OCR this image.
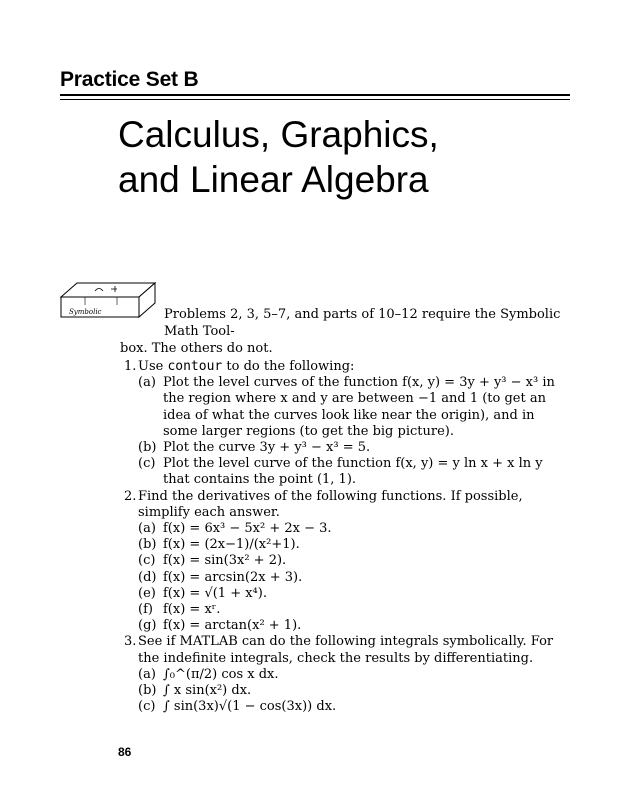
Practice Set B
Calculus, Graphics,
and Linear Algebra
Symbolic	Problems 2, 3, 5–7, and parts of 10–12 require the Symbolic Math Tool-
box. The others do not.
1. Use contour to do the following:
(a) Plot the level curves of the function f(x, y) = 3y + y³ − x³ in the region where x and y are between −1 and 1 (to get an idea of what the curves look like near the origin), and in some larger regions (to get the big picture).
(b) Plot the curve 3y + y³ − x³ = 5.
(c) Plot the level curve of the function f(x, y) = y ln x + x ln y that contains the point (1, 1).
2. Find the derivatives of the following functions. If possible, simplify each answer.
(a) f(x) = 6x³ − 5x² + 2x − 3.
(b) f(x) = (2x−1)/(x²+1).
(c) f(x) = sin(3x² + 2).
(d) f(x) = arcsin(2x + 3).
(e) f(x) = √(1 + x⁴).
(f) f(x) = xʳ.
(g) f(x) = arctan(x² + 1).
3. See if MATLAB can do the following integrals symbolically. For the indefinite integrals, check the results by differentiating.
(a) ∫₀^(π/2) cos x dx.
(b) ∫ x sin(x²) dx.
(c) ∫ sin(3x)√(1 − cos(3x)) dx.
86
